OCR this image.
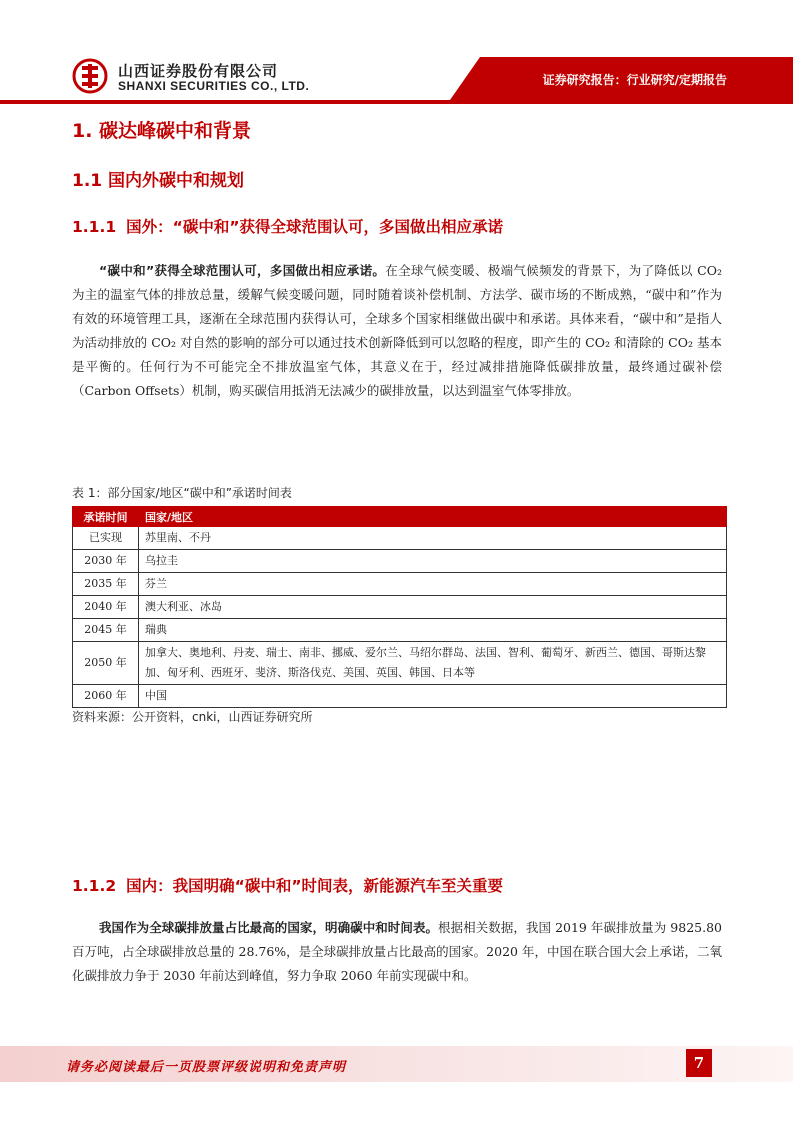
山西证券股份有限公司
SHANXI SECURITIES CO., LTD.	证券研究报告：行业研究/定期报告
1. 碳达峰碳中和背景
1.1 国内外碳中和规划
1.1.1 国外：“碳中和”获得全球范围认可，多国做出相应承诺

“碳中和”获得全球范围认可，多国做出相应承诺。在全球气候变暖、极端气候频发的背景下，为了降低以 CO₂ 为主的温室气体的排放总量，缓解气候变暖问题，同时随着谈补偿机制、方法学、碳市场的不断成熟，“碳中和”作为有效的环境管理工具，逐渐在全球范围内获得认可，全球多个国家相继做出碳中和承诺。具体来看，“碳中和”是指人为活动排放的 CO₂ 对自然的影响的部分可以通过技术创新降低到可以忽略的程度，即产生的 CO₂ 和清除的 CO₂ 基本是平衡的。任何行为不可能完全不排放温室气体，其意义在于，经过减排措施降低碳排放量，最终通过碳补偿（Carbon Offsets）机制，购买碳信用抵消无法减少的碳排放量，以达到温室气体零排放。

表 1：部分国家/地区“碳中和”承诺时间表
承诺时间	国家/地区
已实现	苏里南、不丹
2030 年	乌拉圭
2035 年	芬兰
2040 年	澳大利亚、冰岛
2045 年	瑞典
2050 年	加拿大、奥地利、丹麦、瑞士、南非、挪威、爱尔兰、马绍尔群岛、法国、智利、葡萄牙、新西兰、德国、哥斯达黎加、匈牙利、西班牙、斐济、斯洛伐克、美国、英国、韩国、日本等
2060 年	中国
资料来源：公开资料，cnki，山西证券研究所
1.1.2 国内：我国明确“碳中和”时间表，新能源汽车至关重要

我国作为全球碳排放量占比最高的国家，明确碳中和时间表。根据相关数据，我国 2019 年碳排放量为 9825.80 百万吨，占全球碳排放总量的 28.76%，是全球碳排放量占比最高的国家。2020 年，中国在联合国大会上承诺，二氧化碳排放力争于 2030 年前达到峰值，努力争取 2060 年前实现碳中和。

请务必阅读最后一页股票评级说明和免责声明	7
